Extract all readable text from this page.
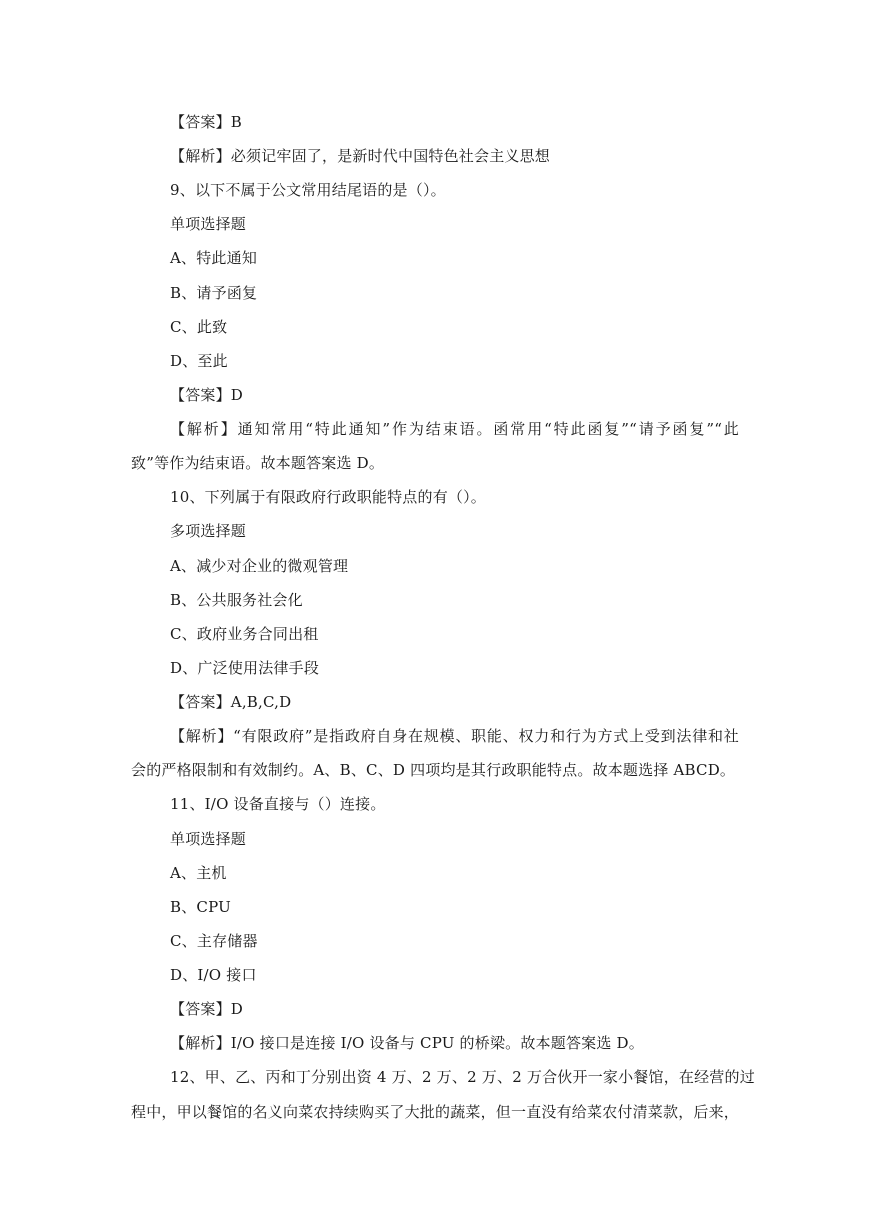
【答案】B
【解析】必须记牢固了，是新时代中国特色社会主义思想
9、以下不属于公文常用结尾语的是（）。
单项选择题
A、特此通知
B、请予函复
C、此致
D、至此
【答案】D
【解析】通知常用“特此通知”作为结束语。函常用“特此函复”“请予函复”“此
致”等作为结束语。故本题答案选 D。
10、下列属于有限政府行政职能特点的有（）。
多项选择题
A、减少对企业的微观管理
B、公共服务社会化
C、政府业务合同出租
D、广泛使用法律手段
【答案】A,B,C,D
【解析】“有限政府”是指政府自身在规模、职能、权力和行为方式上受到法律和社
会的严格限制和有效制约。A、B、C、D 四项均是其行政职能特点。故本题选择 ABCD。
11、I/O 设备直接与（）连接。
单项选择题
A、主机
B、CPU
C、主存储器
D、I/O 接口
【答案】D
【解析】I/O 接口是连接 I/O 设备与 CPU 的桥梁。故本题答案选 D。
12、甲、乙、丙和丁分别出资 4 万、2 万、2 万、2 万合伙开一家小餐馆，在经营的过
程中，甲以餐馆的名义向菜农持续购买了大批的蔬菜，但一直没有给菜农付清菜款，后来，
